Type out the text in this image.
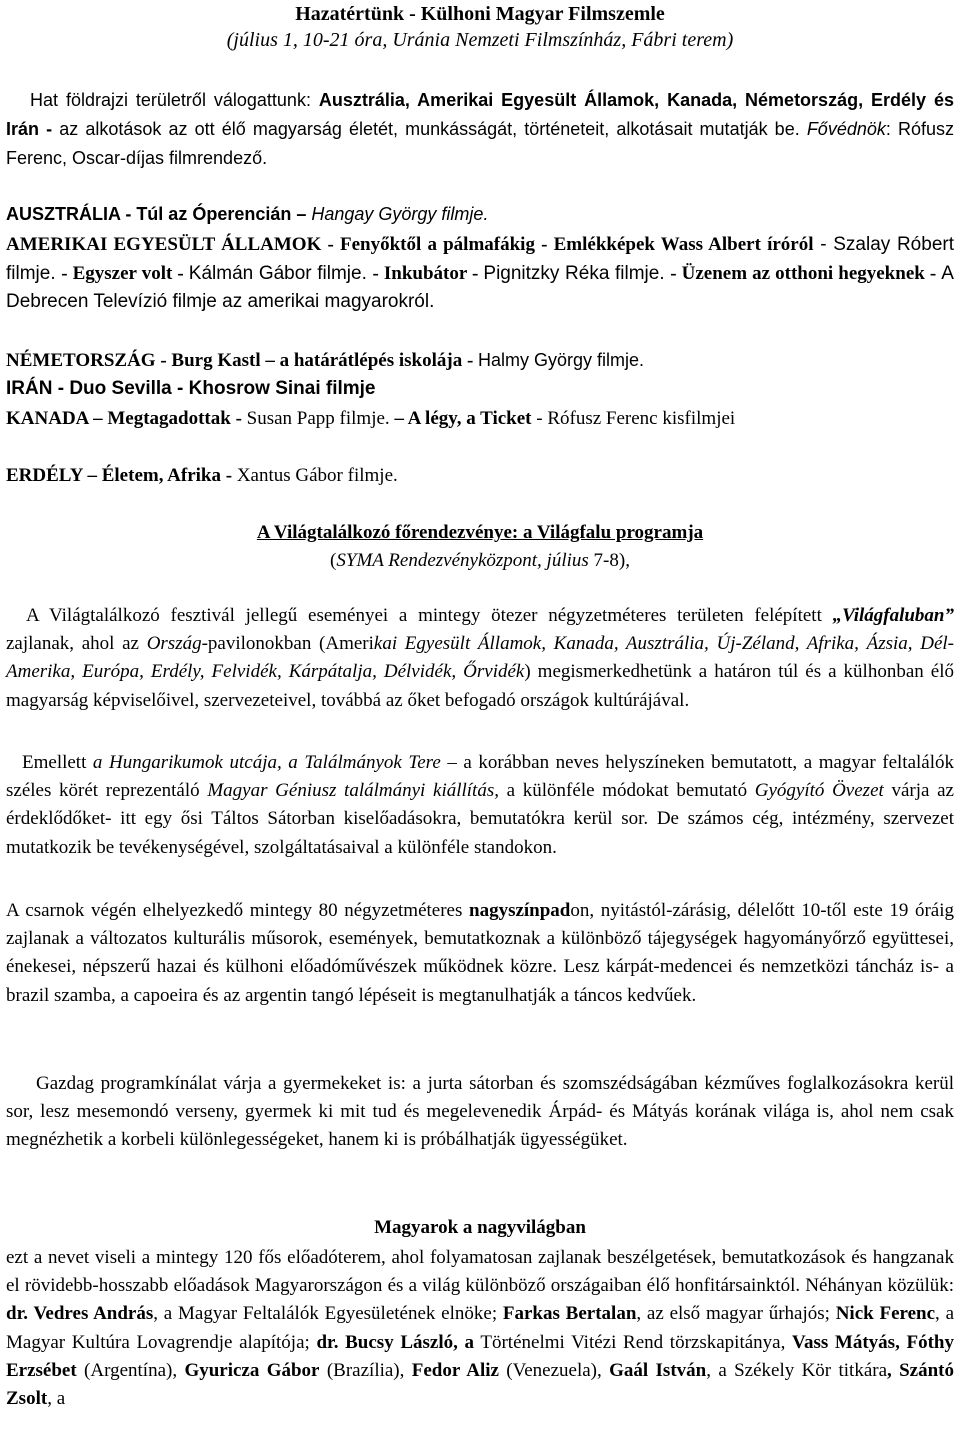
Hazatértünk - Külhoni Magyar Filmszemle

(július 1, 10-21 óra, Uránia Nemzeti Filmszínház, Fábri terem)

Hat földrajzi területről válogattunk: Ausztrália, Amerikai Egyesült Államok, Kanada, Németország, Erdély és Irán - az alkotások az ott élő magyarság életét, munkásságát, történeteit, alkotásait mutatják be. Fővédnök: Rófusz Ferenc, Oscar-díjas filmrendező.
AUSZTRÁLIA - Túl az Óperencián – Hangay György filmje.
AMERIKAI EGYESÜLT ÁLLAMOK - Fenyőktől a pálmafákig - Emlékképek Wass Albert íróról - Szalay Róbert filmje. - Egyszer volt - Kálmán Gábor filmje. - Inkubátor - Pignitzky Réka filmje. - Üzenem az otthoni hegyeknek - A Debrecen Televízió filmje az amerikai magyarokról.
NÉMETORSZÁG - Burg Kastl – a határátlépés iskolája - Halmy György filmje.
IRÁN - Duo Sevilla - Khosrow Sinai filmje
KANADA – Megtagadottak - Susan Papp filmje. – A légy, a Ticket - Rófusz Ferenc kisfilmjei
ERDÉLY – Életem, Afrika - Xantus Gábor filmje.

A Világtalálkozó főrendezvénye: a Világfalu programja

(SYMA Rendezvényközpont, július 7-8),

A Világtalálkozó fesztivál jellegű eseményei a mintegy ötezer négyzetméteres területen felépített „Világfaluban” zajlanak, ahol az Ország-pavilonokban (Amerikai Egyesült Államok, Kanada, Ausztrália, Új-Zéland, Afrika, Ázsia, Dél-Amerika, Európa, Erdély, Felvidék, Kárpátalja, Délvidék, Őrvidék) megismerkedhetünk a határon túl és a külhonban élő magyarság képviselőivel, szervezeteivel, továbbá az őket befogadó országok kultúrájával.
Emellett a Hungarikumok utcája, a Találmányok Tere – a korábban neves helyszíneken bemutatott, a magyar feltalálók széles körét reprezentáló Magyar Géniusz találmányi kiállítás, a különféle módokat bemutató Gyógyító Övezet várja az érdeklődőket- itt egy ősi Táltos Sátorban kiselőadásokra, bemutatókra kerül sor. De számos cég, intézmény, szervezet mutatkozik be tevékenységével, szolgáltatásaival a különféle standokon.
A csarnok végén elhelyezkedő mintegy 80 négyzetméteres nagyszínpadon, nyitástól-zárásig, délelőtt 10-től este 19 óráig zajlanak a változatos kulturális műsorok, események, bemutatkoznak a különböző tájegységek hagyományőrző együttesei, énekesei, népszerű hazai és külhoni előadóművészek működnek közre. Lesz kárpát-medencei és nemzetközi táncház is- a brazil szamba, a capoeira és az argentin tangó lépéseit is megtanulhatják a táncos kedvűek.
Gazdag programkínálat várja a gyermekeket is: a jurta sátorban és szomszédságában kézműves foglalkozásokra kerül sor, lesz mesemondó verseny, gyermek ki mit tud és megelevenedik Árpád- és Mátyás korának világa is, ahol nem csak megnézhetik a korbeli különlegességeket, hanem ki is próbálhatják ügyességüket.
Magyarok a nagyvilágban
ezt a nevet viseli a mintegy 120 fős előadóterem, ahol folyamatosan zajlanak beszélgetések, bemutatkozások és hangzanak el rövidebb-hosszabb előadások Magyarországon és a világ különböző országaiban élő honfitársainktól. Néhányan közülük: dr. Vedres András, a Magyar Feltalálók Egyesületének elnöke; Farkas Bertalan, az első magyar űrhajós; Nick Ferenc, a Magyar Kultúra Lovagrendje alapítója; dr. Bucsy László, a Történelmi Vitézi Rend törzskapitánya, Vass Mátyás, Fóthy Erzsébet (Argentína), Gyuricza Gábor (Brazília), Fedor Aliz (Venezuela), Gaál István, a Székely Kör titkára, Szántó Zsolt, a
